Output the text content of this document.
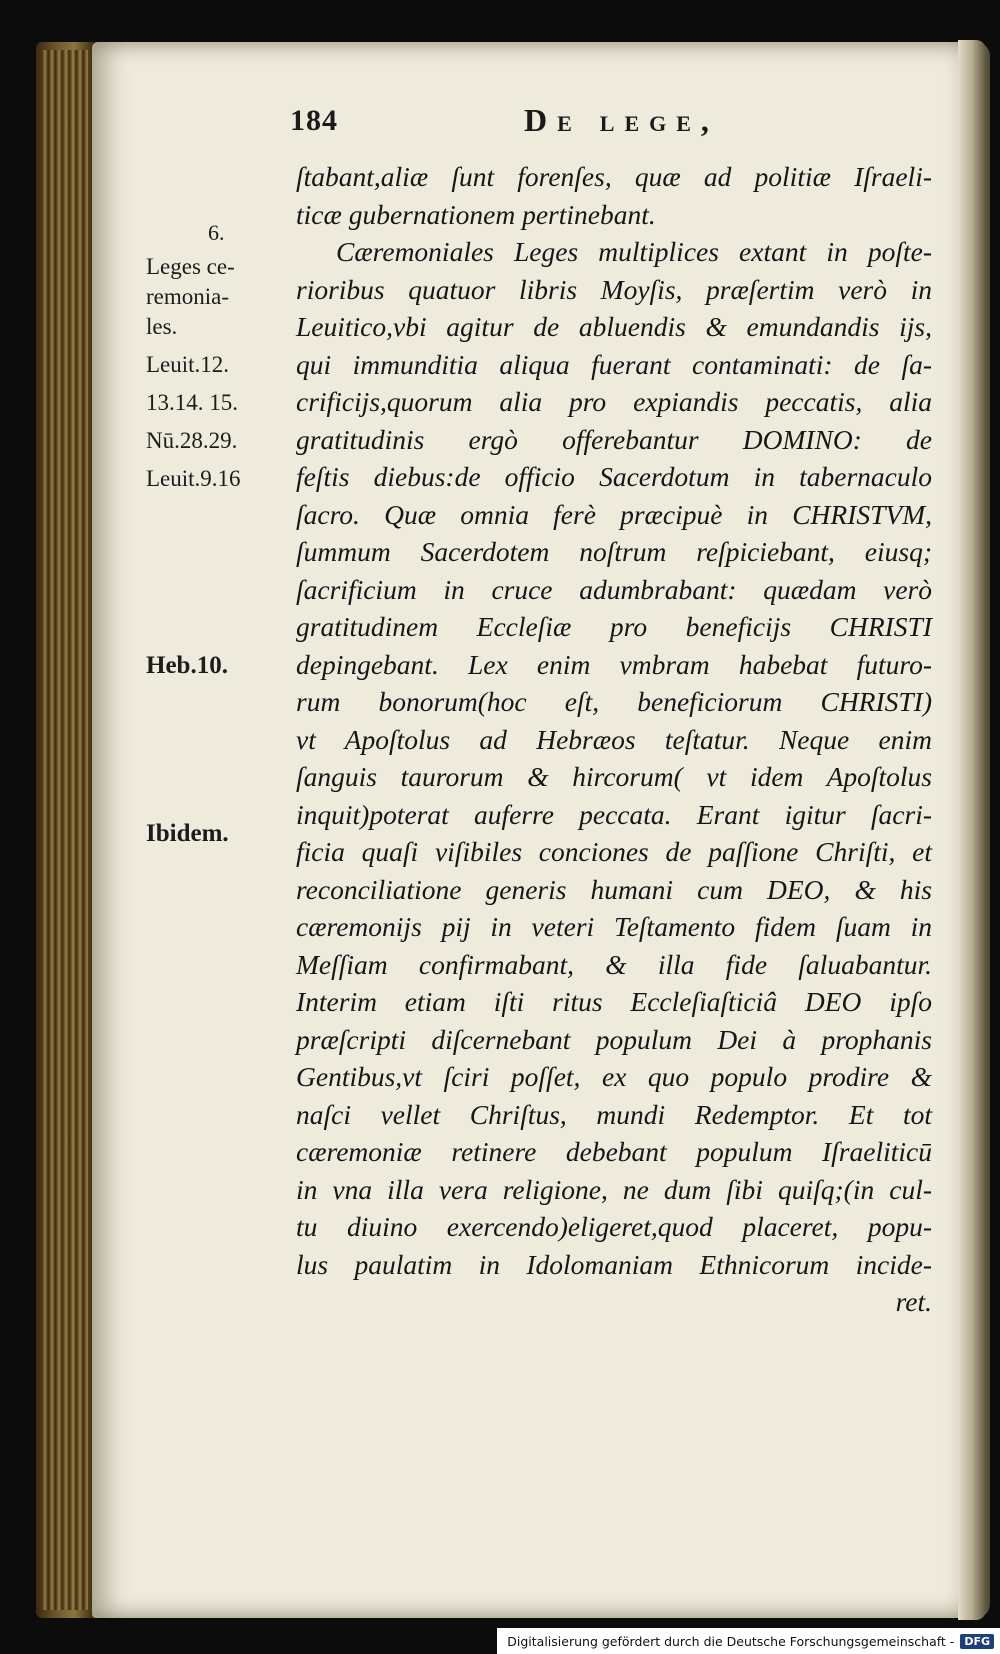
184	De lege,
6.
Leges ce-
remonia-
les.
Leuit.12.
13.14. 15.
Nū.28.29.
Leuit.9.16
Heb.10.
Ibidem.
ſtabant,aliæ ſunt forenſes, quæ ad politiæ Iſraeli-
ticæ gubernationem pertinebant.
Cæremoniales Leges multiplices extant in poſte-
rioribus quatuor libris Moyſis, præſertim verò in
Leuitico,vbi agitur de abluendis & emundandis ijs,
qui immunditia aliqua fuerant contaminati: de ſa-
crificijs,quorum alia pro expiandis peccatis, alia
gratitudinis ergò offerebantur DOMINO: de
feſtis diebus:de officio Sacerdotum in tabernaculo
ſacro. Quæ omnia ferè præcipuè in CHRISTVM,
ſummum Sacerdotem noſtrum reſpiciebant, eiusq;
ſacrificium in cruce adumbrabant: quædam verò
gratitudinem Eccleſiæ pro beneficijs CHRISTI
depingebant. Lex enim vmbram habebat futuro-
rum bonorum(hoc eſt, beneficiorum CHRISTI)
vt Apoſtolus ad Hebræos teſtatur. Neque enim
ſanguis taurorum & hircorum( vt idem Apoſtolus
inquit)poterat auferre peccata. Erant igitur ſacri-
ficia quaſi viſibiles conciones de paſſione Chriſti, et
reconciliatione generis humani cum DEO, & his
cæremonijs pij in veteri Teſtamento fidem ſuam in
Meſſiam confirmabant, & illa fide ſaluabantur.
Interim etiam iſti ritus Eccleſiaſticiâ DEO ipſo
præſcripti diſcernebant populum Dei à prophanis
Gentibus,vt ſciri poſſet, ex quo populo prodire &
naſci vellet Chriſtus, mundi Redemptor. Et tot
cæremoniæ retinere debebant populum Iſraeliticū
in vna illa vera religione, ne dum ſibi quiſq;(in cul-
tu diuino exercendo)eligeret,quod placeret, popu-
lus paulatim in Idolomaniam Ethnicorum incide-
ret.
Digitalisierung gefördert durch die Deutsche Forschungsgemeinschaft - DFG
